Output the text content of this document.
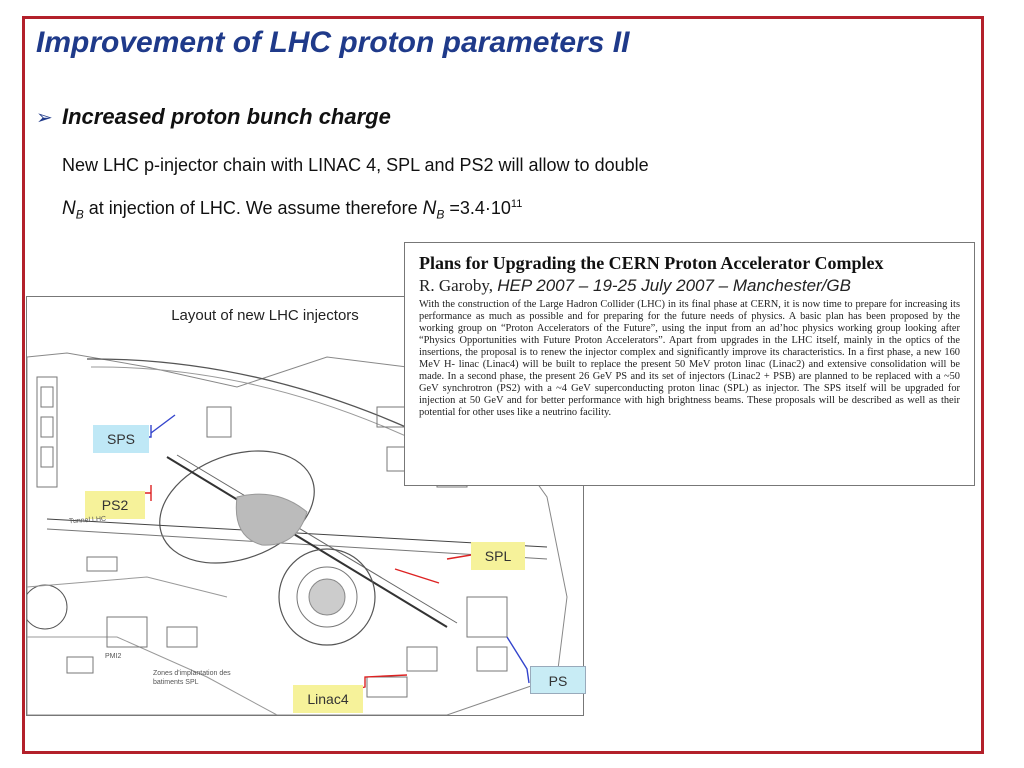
Improvement of LHC proton parameters II
➢ Increased proton bunch charge
New LHC p-injector chain with LINAC 4, SPL and PS2 will allow to double
$N_B$ at injection of LHC. We assume therefore $N_B =3.4\cdot 10^{11}$
Layout of new LHC injectors
SPS
PS2
SPL
Linac4
Tunnel LHC
Zones d'implantation des batiments SPL
PMI2
PS
Plans for Upgrading the CERN Proton Accelerator Complex
R. Garoby, HEP 2007 – 19-25 July 2007 – Manchester/GB
With the construction of the Large Hadron Collider (LHC) in its final phase at CERN, it is now time to prepare for increasing its performance as much as possible and for preparing for the future needs of physics. A basic plan has been proposed by the working group on “Proton Accelerators of the Future”, using the input from an ad’hoc physics working group looking after “Physics Opportunities with Future Proton Accelerators”. Apart from upgrades in the LHC itself, mainly in the optics of the insertions, the proposal is to renew the injector complex and significantly improve its characteristics. In a first phase, a new 160 MeV H- linac (Linac4) will be built to replace the present 50 MeV proton linac (Linac2) and extensive consolidation will be made. In a second phase, the present 26 GeV PS and its set of injectors (Linac2 + PSB) are planned to be replaced with a ~50 GeV synchrotron (PS2) with a ~4 GeV superconducting proton linac (SPL) as injector. The SPS itself will be upgraded for injection at 50 GeV and for better performance with high brightness beams. These proposals will be described as well as their potential for other uses like a neutrino facility.
